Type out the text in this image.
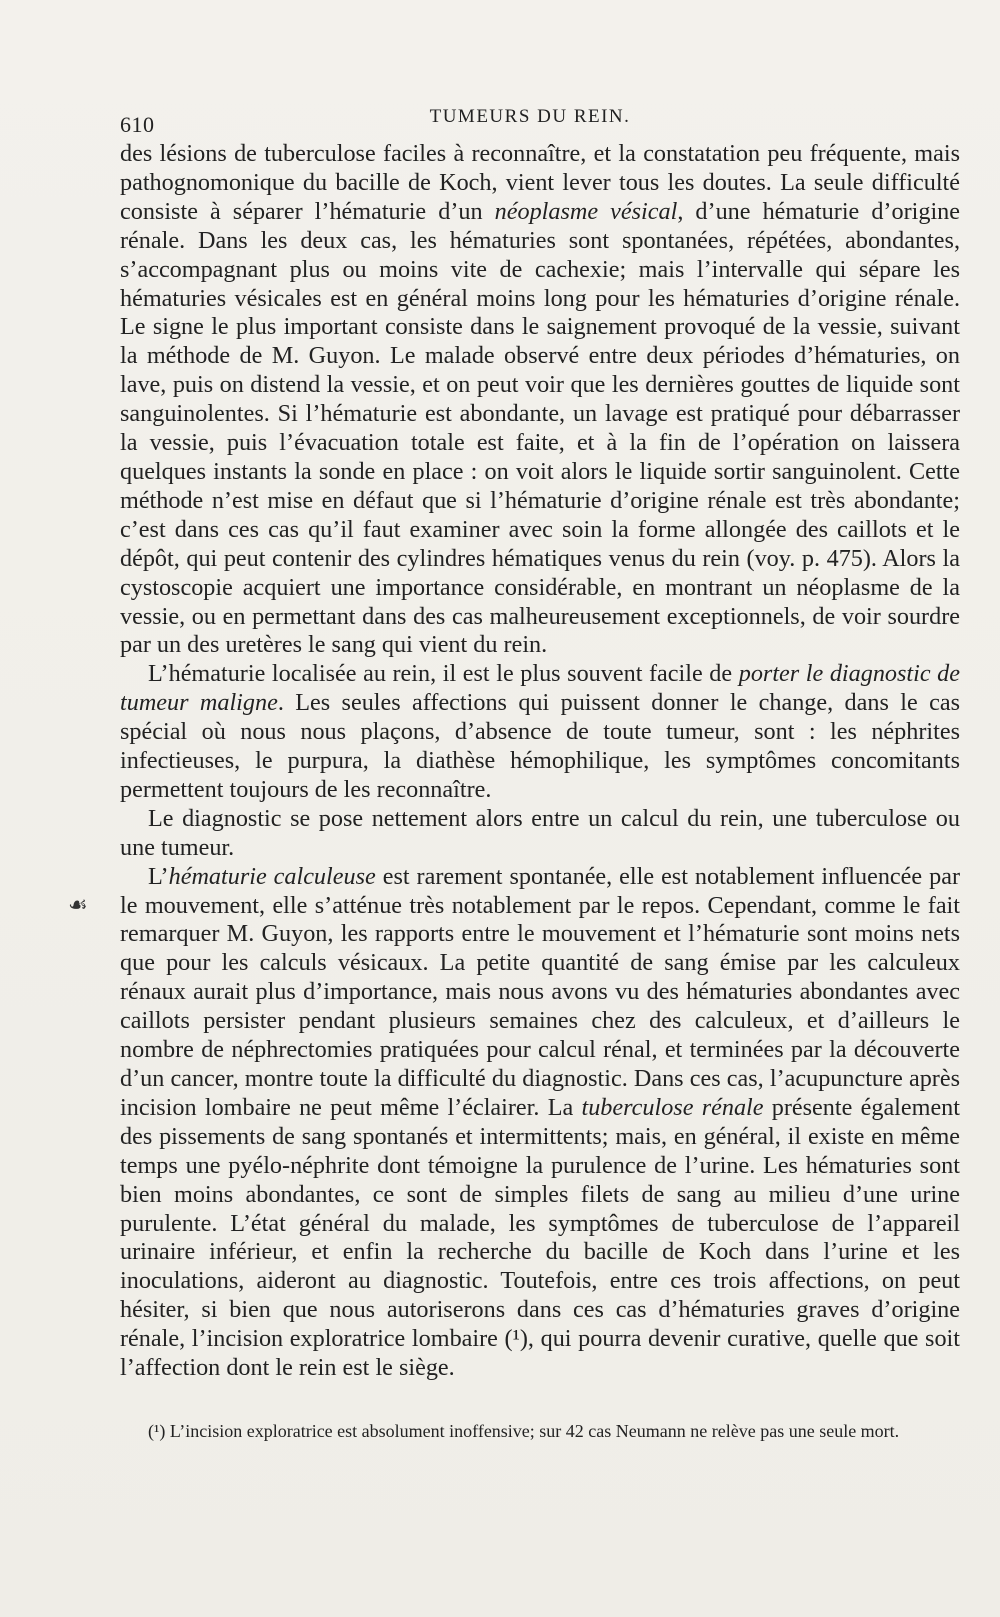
610	TUMEURS DU REIN.
☙

des lésions de tuberculose faciles à reconnaître, et la constatation peu fréquente, mais pathognomonique du bacille de Koch, vient lever tous les doutes. La seule difficulté consiste à séparer l’hématurie d’un néoplasme vésical, d’une hématurie d’origine rénale. Dans les deux cas, les hématuries sont spontanées, répétées, abondantes, s’accompagnant plus ou moins vite de cachexie; mais l’intervalle qui sépare les hématuries vésicales est en général moins long pour les hématuries d’origine rénale. Le signe le plus important consiste dans le saignement provoqué de la vessie, suivant la méthode de M. Guyon. Le malade observé entre deux périodes d’hématuries, on lave, puis on distend la vessie, et on peut voir que les dernières gouttes de liquide sont sanguinolentes. Si l’hématurie est abondante, un lavage est pratiqué pour débarrasser la vessie, puis l’évacuation totale est faite, et à la fin de l’opération on laissera quelques instants la sonde en place : on voit alors le liquide sortir sanguinolent. Cette méthode n’est mise en défaut que si l’hématurie d’origine rénale est très abondante; c’est dans ces cas qu’il faut examiner avec soin la forme allongée des caillots et le dépôt, qui peut contenir des cylindres hématiques venus du rein (voy. p. 475). Alors la cystoscopie acquiert une importance considérable, en montrant un néoplasme de la vessie, ou en permettant dans des cas malheureusement exceptionnels, de voir sourdre par un des uretères le sang qui vient du rein.

L’hématurie localisée au rein, il est le plus souvent facile de porter le diagnostic de tumeur maligne. Les seules affections qui puissent donner le change, dans le cas spécial où nous nous plaçons, d’absence de toute tumeur, sont : les néphrites infectieuses, le purpura, la diathèse hémophilique, les symptômes concomitants permettent toujours de les reconnaître.

Le diagnostic se pose nettement alors entre un calcul du rein, une tuberculose ou une tumeur.

L’hématurie calculeuse est rarement spontanée, elle est notablement influencée par le mouvement, elle s’atténue très notablement par le repos. Cependant, comme le fait remarquer M. Guyon, les rapports entre le mouvement et l’hématurie sont moins nets que pour les calculs vésicaux. La petite quantité de sang émise par les calculeux rénaux aurait plus d’importance, mais nous avons vu des hématuries abondantes avec caillots persister pendant plusieurs semaines chez des calculeux, et d’ailleurs le nombre de néphrectomies pratiquées pour calcul rénal, et terminées par la découverte d’un cancer, montre toute la difficulté du diagnostic. Dans ces cas, l’acupuncture après incision lombaire ne peut même l’éclairer. La tuberculose rénale présente également des pissements de sang spontanés et intermittents; mais, en général, il existe en même temps une pyélo-néphrite dont témoigne la purulence de l’urine. Les hématuries sont bien moins abondantes, ce sont de simples filets de sang au milieu d’une urine purulente. L’état général du malade, les symptômes de tuberculose de l’appareil urinaire inférieur, et enfin la recherche du bacille de Koch dans l’urine et les inoculations, aideront au diagnostic. Toutefois, entre ces trois affections, on peut hésiter, si bien que nous autoriserons dans ces cas d’hématuries graves d’origine rénale, l’incision exploratrice lombaire (¹), qui pourra devenir curative, quelle que soit l’affection dont le rein est le siège.

(¹) L’incision exploratrice est absolument inoffensive; sur 42 cas Neumann ne relève pas une seule mort.
